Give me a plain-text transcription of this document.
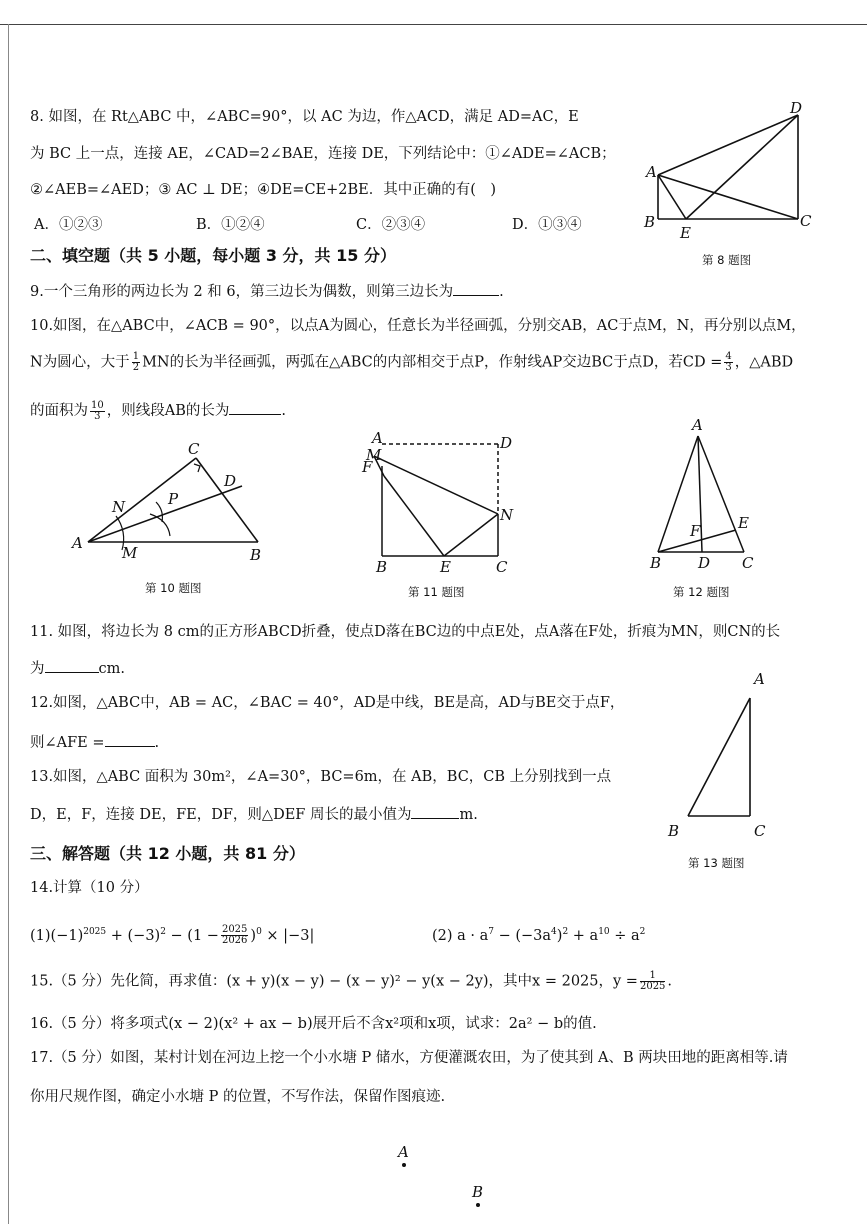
8. 如图，在 Rt△ABC 中，∠ABC=90°，以 AC 为边，作△ACD，满足 AD=AC，E
为 BC 上一点，连接 AE，∠CAD=2∠BAE，连接 DE，下列结论中：①∠ADE=∠ACB；
②∠AEB=∠AED；③ AC ⊥ DE；④DE=CE+2BE．其中正确的有(　)
A．①②③	B．①②④	C．②③④	D．①③④
A
B	C
D
E
第 8 题图
二、填空题（共 5 小题，每小题 3 分，共 15 分）
9.一个三角形的两边长为 2 和 6，第三边长为偶数，则第三边长为	.
10.如图，在△ABC中，∠ACB = 90°，以点A为圆心，任意长为半径画弧，分别交AB，AC于点M，N，再分别以点M，
N为圆心，大于 $\frac{1}{2}$ MN的长为半径画弧，两弧在△ABC的内部相交于点P，作射线AP交边BC于点D，若CD = $\frac{4}{3}$ ，△ABD
的面积为 $\frac{10}{3}$ ，则线段AB的长为	.
A
B
C
D
M
N	P
第 10 题图
A	D
M
F
N
B	E	C
第 11 题图
A
B	C
D
E
F
第 12 题图
11. 如图，将边长为 8 cm的正方形ABCD折叠，使点D落在BC边的中点E处，点A落在F处，折痕为MN，则CN的长
为	cm.
12.如图，△ABC中，AB = AC，∠BAC = 40°，AD是中线，BE是高，AD与BE交于点F，
则∠AFE =	.
13.如图，△ABC 面积为 30m²，∠A=30°，BC=6m，在 AB，BC，CB 上分别找到一点
D，E，F，连接 DE，FE，DF，则△DEF 周长的最小值为	m.
A
B	C
第 13 题图
三、解答题（共 12 小题，共 81 分）
14.计算（10 分）
$(1)(-1)^{2025} + (-3)^2 - (1 - \frac{2025}{2026} )^0 \times |-3|$	(2) $a \cdot a^7 - (-3a^4)^2 + a^{10} \div a^2$
15.（5 分）先化简，再求值：(x + y)(x − y) − (x − y)² − y(x − 2y)，其中x = 2025，$y = \frac{1}{2025}$ .
16.（5 分）将多项式(x − 2)(x² + ax − b)展开后不含x²项和x项，试求：2a² − b的值.
17.（5 分）如图，某村计划在河边上挖一个小水塘 P 储水，方便灌溉农田，为了使其到 A、B 两块田地的距离相等.请
你用尺规作图，确定小水塘 P 的位置，不写作法，保留作图痕迹.
A
B
